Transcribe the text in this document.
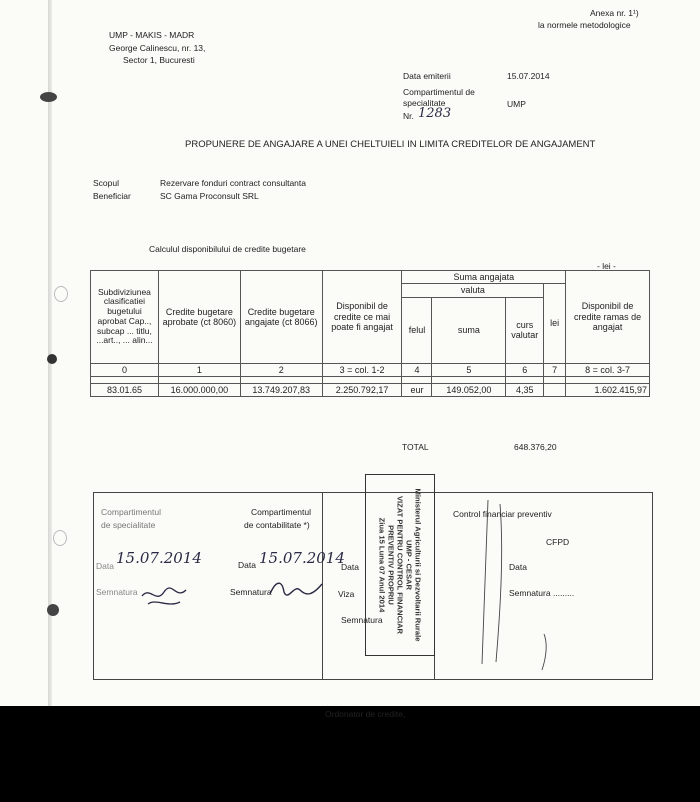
Anexa nr. 1¹)
la normele metodologice
UMP - MAKIS - MADR
George Calinescu, nr. 13,
Sector 1, Bucuresti
Data emiterii	15.07.2014
Compartimentul de
specialitate	UMP
Nr. 1283
PROPUNERE DE ANGAJARE A UNEI CHELTUIELI IN LIMITA CREDITELOR DE ANGAJAMENT
Scopul	Rezervare fonduri contract consultanta
Beneficiar	SC Gama Proconsult SRL
Calculul disponibilului de credite bugetare
- lei -
Subdiviziunea clasificatiei bugetului aprobat Cap.., subcap ... titlu, ...art.., ... alin...	Credite bugetare aprobate (ct 8060)	Credite bugetare angajate (ct 8066)	Disponibil de credite ce mai poate fi angajat	Suma angajata				Disponibil de credite ramas de angajat
				valuta			lei	
				felul	suma	curs valutar		
0	1	2	3 = col. 1-2	4	5	6	7	8 = col. 3-7

83.01.65	16.000.000,00	13.749.207,83	2.250.792,17	eur	149.052,00	4,35		1.602.415,97
TOTAL	648.376,20
Compartimentul
de specialitate
Data 15.07.2014
Semnatura
Compartimentul
de contabilitate *)
Data 15.07.2014
Semnatura
Data
Viza
Semnatura
Control financiar preventiv
CFPD
Data
Semnatura .........
Ministerul Agriculturii si Dezvoltarii Rurale
UMP - CESAR
VIZAT PENTRU CONTROL FINANCIAR
PREVENTIV PROPRIU
Ziua 15 Luna 07 Anul 2014
Ordonator de credite,
